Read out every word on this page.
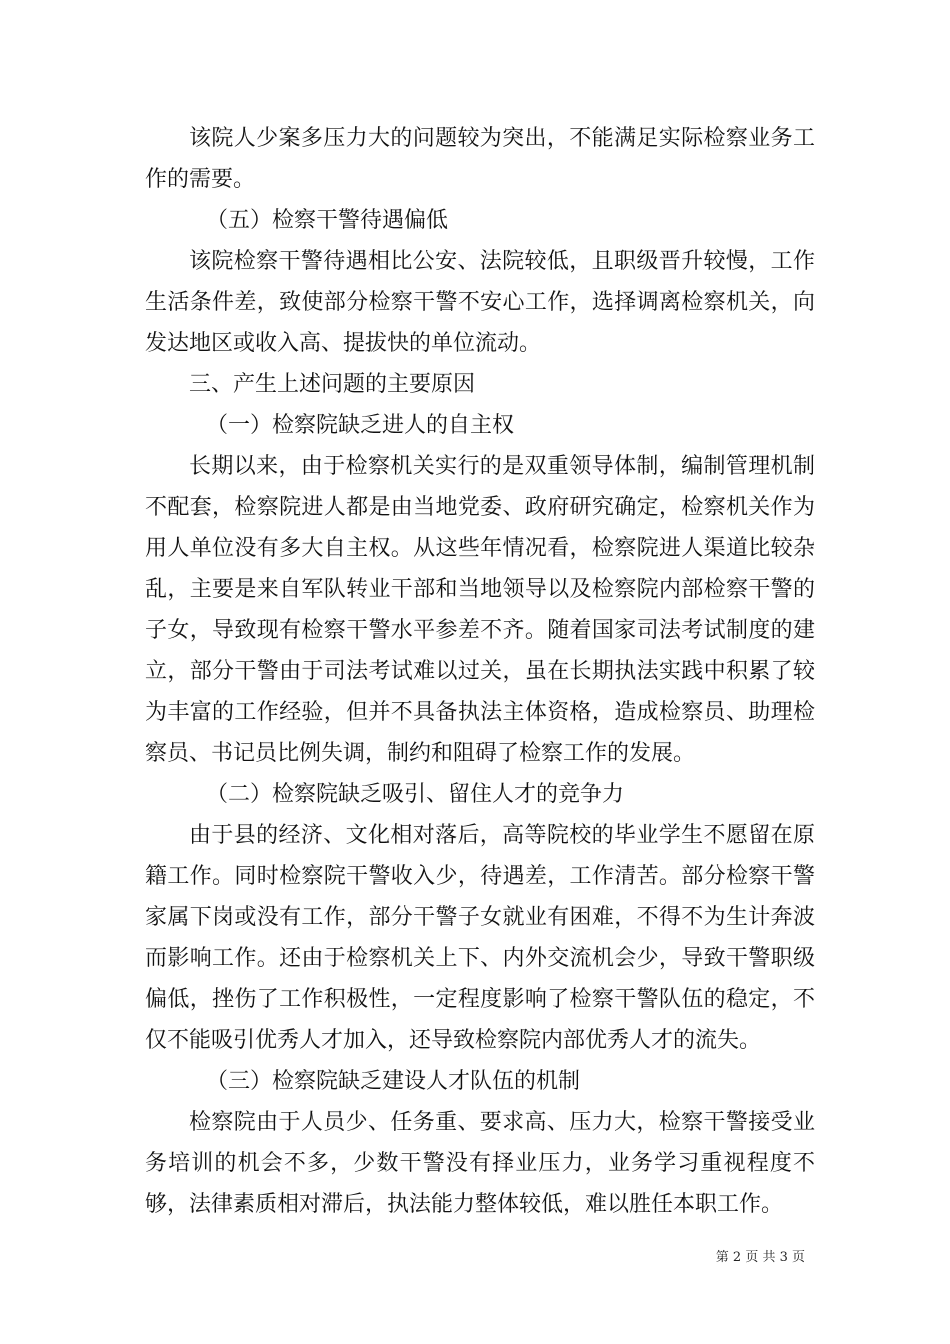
该院人少案多压力大的问题较为突出，不能满足实际检察业务工作的需要。

（五）检察干警待遇偏低

该院检察干警待遇相比公安、法院较低，且职级晋升较慢，工作生活条件差，致使部分检察干警不安心工作，选择调离检察机关，向发达地区或收入高、提拔快的单位流动。

三、产生上述问题的主要原因

（一）检察院缺乏进人的自主权

长期以来，由于检察机关实行的是双重领导体制，编制管理机制不配套，检察院进人都是由当地党委、政府研究确定，检察机关作为用人单位没有多大自主权。从这些年情况看，检察院进人渠道比较杂乱，主要是来自军队转业干部和当地领导以及检察院内部检察干警的子女，导致现有检察干警水平参差不齐。随着国家司法考试制度的建立，部分干警由于司法考试难以过关，虽在长期执法实践中积累了较为丰富的工作经验，但并不具备执法主体资格，造成检察员、助理检察员、书记员比例失调，制约和阻碍了检察工作的发展。

（二）检察院缺乏吸引、留住人才的竞争力

由于县的经济、文化相对落后，高等院校的毕业学生不愿留在原籍工作。同时检察院干警收入少，待遇差，工作清苦。部分检察干警家属下岗或没有工作，部分干警子女就业有困难，不得不为生计奔波而影响工作。还由于检察机关上下、内外交流机会少，导致干警职级偏低，挫伤了工作积极性，一定程度影响了检察干警队伍的稳定，不仅不能吸引优秀人才加入，还导致检察院内部优秀人才的流失。

（三）检察院缺乏建设人才队伍的机制

检察院由于人员少、任务重、要求高、压力大，检察干警接受业务培训的机会不多，少数干警没有择业压力，业务学习重视程度不够，法律素质相对滞后，执法能力整体较低，难以胜任本职工作。

第 2 页 共 3 页
